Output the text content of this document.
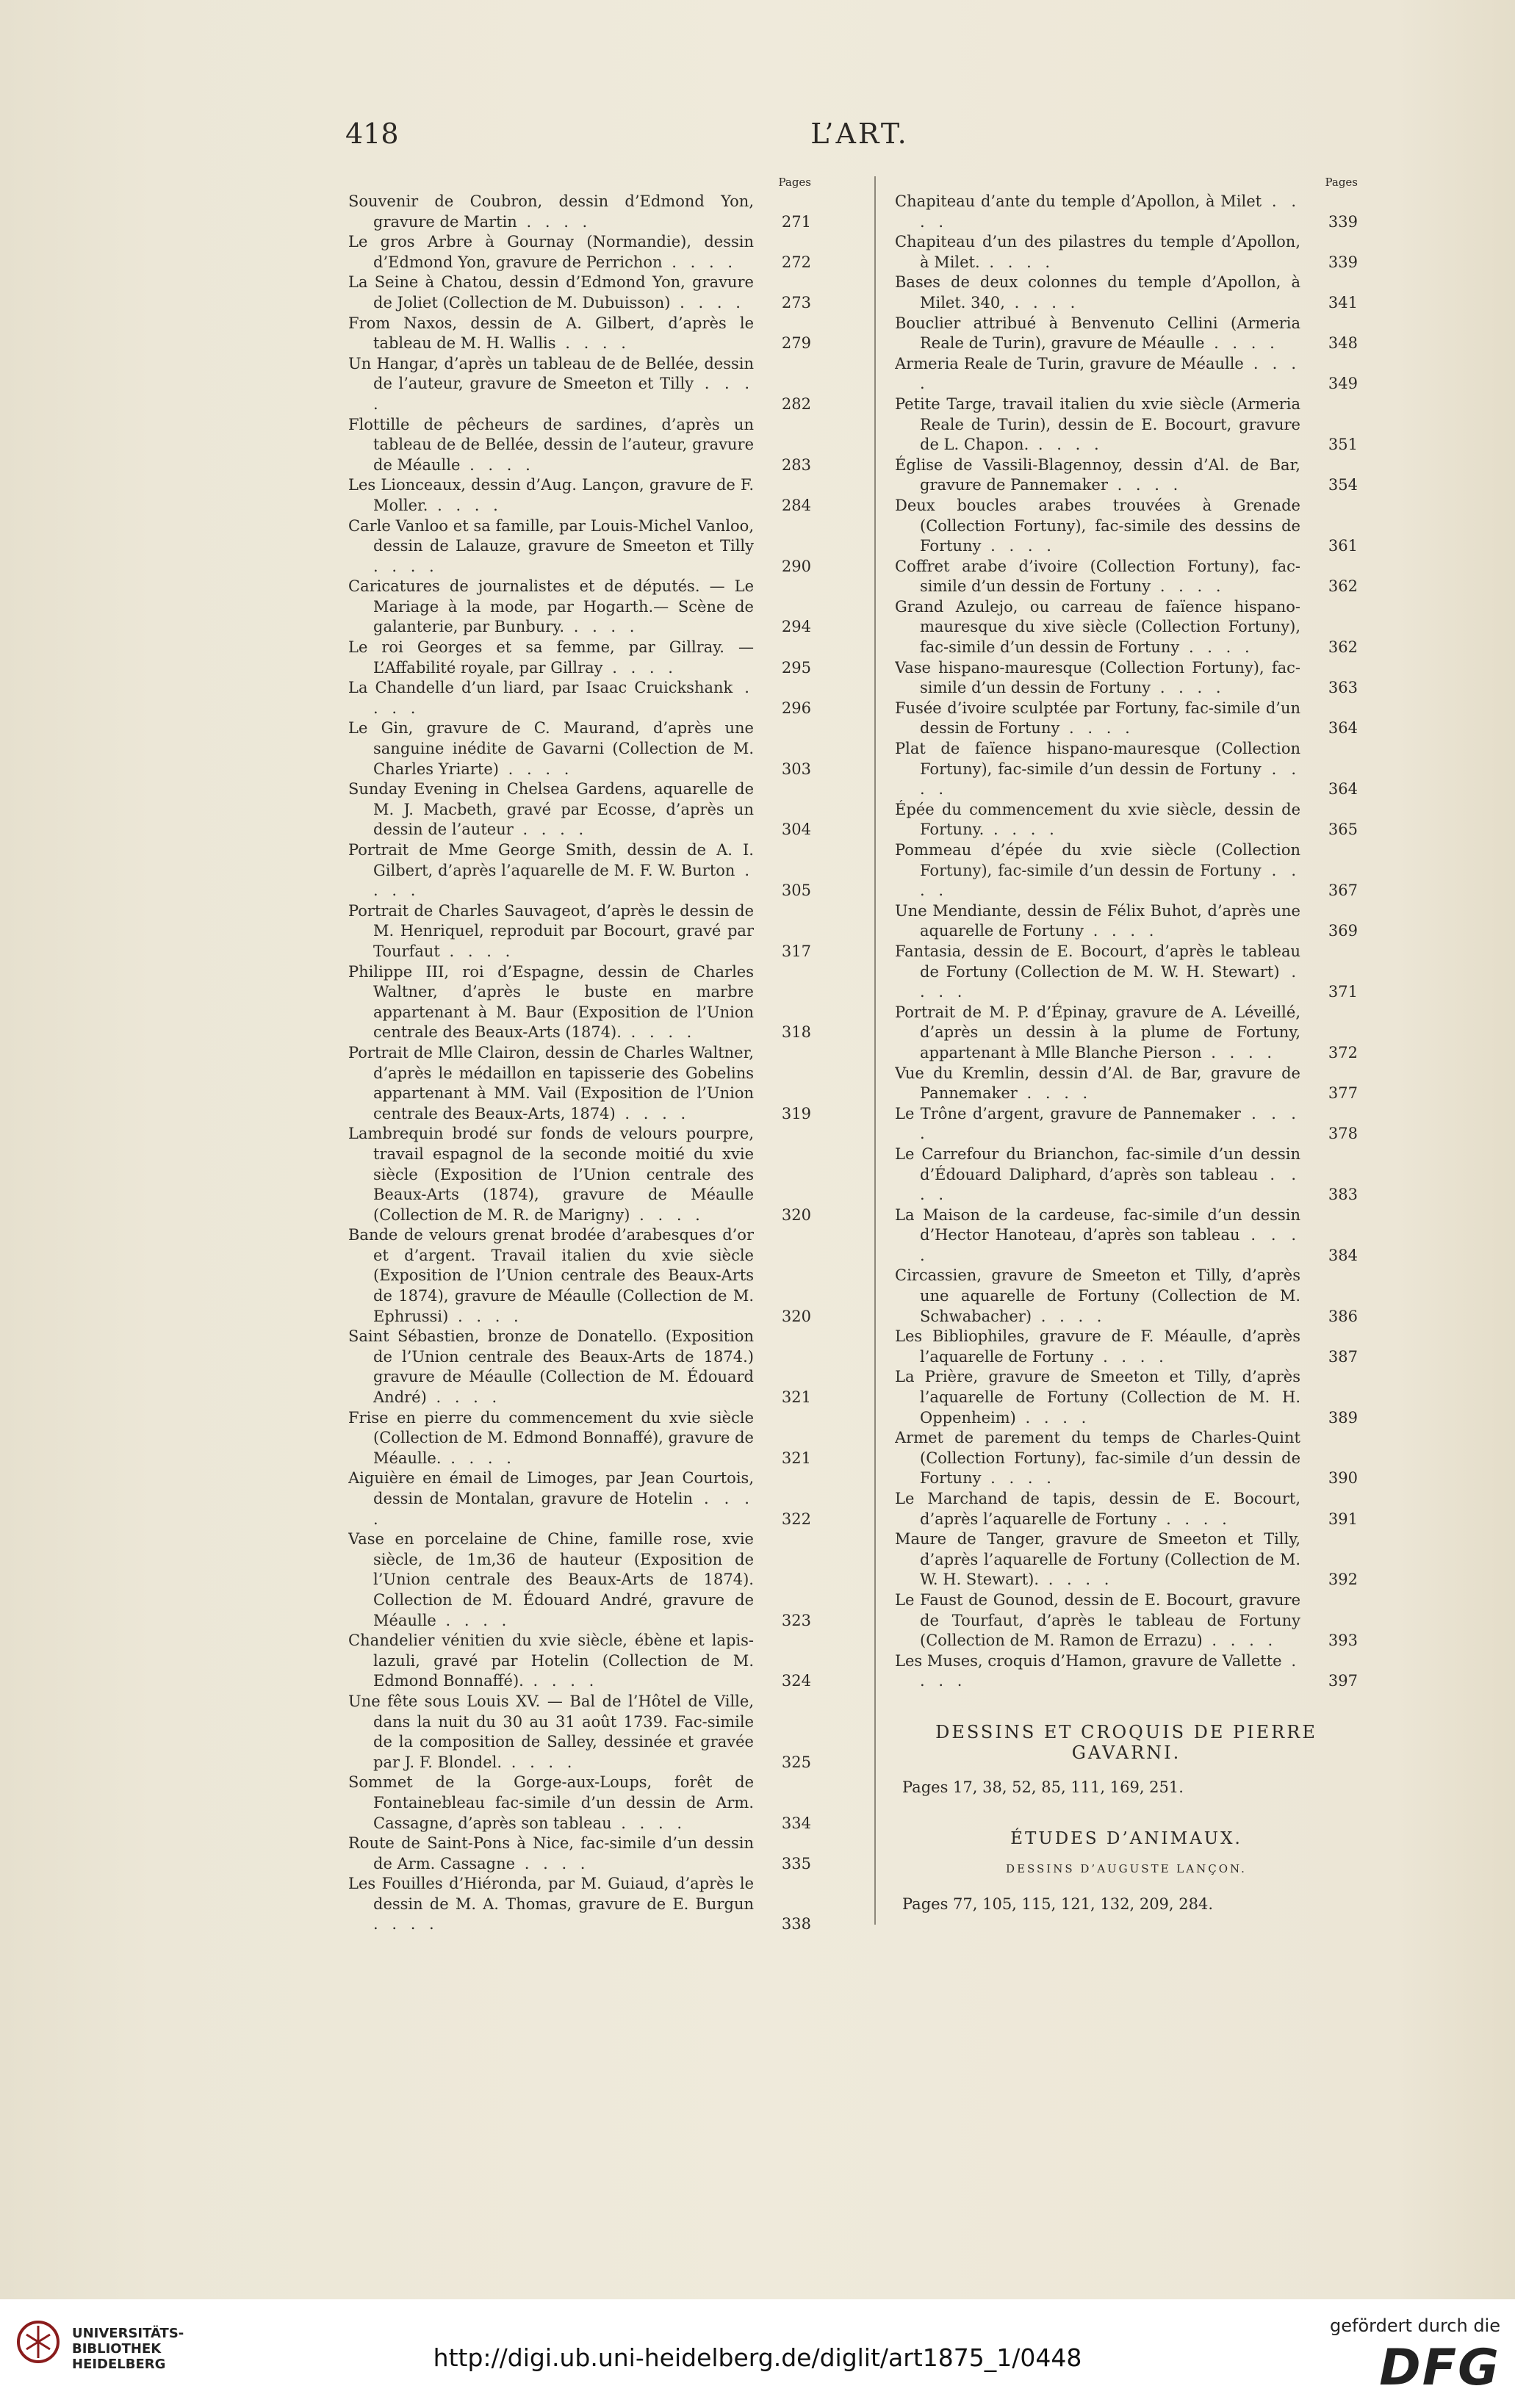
L’ART.
418
Pages
Souvenir de Coubron, dessin d’Edmond Yon, gravure de Martin . . . .	271
Le gros Arbre à Gournay (Normandie), dessin d’Edmond Yon, gravure de Perrichon . . . .	272
La Seine à Chatou, dessin d’Edmond Yon, gravure de Joliet (Collection de M. Dubuisson) . . . .	273
From Naxos, dessin de A. Gilbert, d’après le tableau de M. H. Wallis . . . .	279
Un Hangar, d’après un tableau de de Bellée, dessin de l’auteur, gravure de Smeeton et Tilly . . . .	282
Flottille de pêcheurs de sardines, d’après un tableau de de Bellée, dessin de l’auteur, gravure de Méaulle . . . .	283
Les Lionceaux, dessin d’Aug. Lançon, gravure de F. Moller. . . . .	284
Carle Vanloo et sa famille, par Louis-Michel Vanloo, dessin de Lalauze, gravure de Smeeton et Tilly . . . .	290
Caricatures de journalistes et de députés. — Le Mariage à la mode, par Hogarth.— Scène de galanterie, par Bunbury. . . . .	294
Le roi Georges et sa femme, par Gillray. — L’Affabilité royale, par Gillray . . . .	295
La Chandelle d’un liard, par Isaac Cruickshank . . . .	296
Le Gin, gravure de C. Maurand, d’après une sanguine inédite de Gavarni (Collection de M. Charles Yriarte) . . . .	303
Sunday Evening in Chelsea Gardens, aquarelle de M. J. Macbeth, gravé par Ecosse, d’après un dessin de l’auteur . . . .	304
Portrait de Mme George Smith, dessin de A. I. Gilbert, d’après l’aquarelle de M. F. W. Burton . . . .	305
Portrait de Charles Sauvageot, d’après le dessin de M. Henriquel, reproduit par Bocourt, gravé par Tourfaut . . . .	317
Philippe III, roi d’Espagne, dessin de Charles Waltner, d’après le buste en marbre appartenant à M. Baur (Exposition de l’Union centrale des Beaux-Arts (1874). . . . .	318
Portrait de Mlle Clairon, dessin de Charles Waltner, d’après le médaillon en tapisserie des Gobelins appartenant à MM. Vail (Exposition de l’Union centrale des Beaux-Arts, 1874) . . . .	319
Lambrequin brodé sur fonds de velours pourpre, travail espagnol de la seconde moitié du xvie siècle (Exposition de l’Union centrale des Beaux-Arts (1874), gravure de Méaulle (Collection de M. R. de Marigny) . . . .	320
Bande de velours grenat brodée d’arabesques d’or et d’argent. Travail italien du xvie siècle (Exposition de l’Union centrale des Beaux-Arts de 1874), gravure de Méaulle (Collection de M. Ephrussi) . . . .	320
Saint Sébastien, bronze de Donatello. (Exposition de l’Union centrale des Beaux-Arts de 1874.) gravure de Méaulle (Collection de M. Édouard André) . . . .	321
Frise en pierre du commencement du xvie siècle (Collection de M. Edmond Bonnaffé), gravure de Méaulle. . . . .	321
Aiguière en émail de Limoges, par Jean Courtois, dessin de Montalan, gravure de Hotelin . . . .	322
Vase en porcelaine de Chine, famille rose, xvie siècle, de 1m,36 de hauteur (Exposition de l’Union centrale des Beaux-Arts de 1874). Collection de M. Édouard André, gravure de Méaulle . . . .	323
Chandelier vénitien du xvie siècle, ébène et lapis-lazuli, gravé par Hotelin (Collection de M. Edmond Bonnaffé). . . . .	324
Une fête sous Louis XV. — Bal de l’Hôtel de Ville, dans la nuit du 30 au 31 août 1739. Fac-simile de la composition de Salley, dessinée et gravée par J. F. Blondel. . . . .	325
Sommet de la Gorge-aux-Loups, forêt de Fontainebleau fac-simile d’un dessin de Arm. Cassagne, d’après son tableau . . . .	334
Route de Saint-Pons à Nice, fac-simile d’un dessin de Arm. Cassagne . . . .	335
Les Fouilles d’Hiéronda, par M. Guiaud, d’après le dessin de M. A. Thomas, gravure de E. Burgun . . . .	338
Pages
Chapiteau d’ante du temple d’Apollon, à Milet . . . .	339
Chapiteau d’un des pilastres du temple d’Apollon, à Milet. . . . .	339
Bases de deux colonnes du temple d’Apollon, à Milet. 340, . . . .	341
Bouclier attribué à Benvenuto Cellini (Armeria Reale de Turin), gravure de Méaulle . . . .	348
Armeria Reale de Turin, gravure de Méaulle . . . .	349
Petite Targe, travail italien du xvie siècle (Armeria Reale de Turin), dessin de E. Bocourt, gravure de L. Chapon. . . . .	351
Église de Vassili-Blagennoy, dessin d’Al. de Bar, gravure de Pannemaker . . . .	354
Deux boucles arabes trouvées à Grenade (Collection Fortuny), fac-simile des dessins de Fortuny . . . .	361
Coffret arabe d’ivoire (Collection Fortuny), fac-simile d’un dessin de Fortuny . . . .	362
Grand Azulejo, ou carreau de faïence hispano-mauresque du xive siècle (Collection Fortuny), fac-simile d’un dessin de Fortuny . . . .	362
Vase hispano-mauresque (Collection Fortuny), fac-simile d’un dessin de Fortuny . . . .	363
Fusée d’ivoire sculptée par Fortuny, fac-simile d’un dessin de Fortuny . . . .	364
Plat de faïence hispano-mauresque (Collection Fortuny), fac-simile d’un dessin de Fortuny . . . .	364
Épée du commencement du xvie siècle, dessin de Fortuny. . . . .	365
Pommeau d’épée du xvie siècle (Collection Fortuny), fac-simile d’un dessin de Fortuny . . . .	367
Une Mendiante, dessin de Félix Buhot, d’après une aquarelle de Fortuny . . . .	369
Fantasia, dessin de E. Bocourt, d’après le tableau de Fortuny (Collection de M. W. H. Stewart) . . . .	371
Portrait de M. P. d’Épinay, gravure de A. Léveillé, d’après un dessin à la plume de Fortuny, appartenant à Mlle Blanche Pierson . . . .	372
Vue du Kremlin, dessin d’Al. de Bar, gravure de Pannemaker . . . .	377
Le Trône d’argent, gravure de Pannemaker . . . .	378
Le Carrefour du Brianchon, fac-simile d’un dessin d’Édouard Daliphard, d’après son tableau . . . .	383
La Maison de la cardeuse, fac-simile d’un dessin d’Hector Hanoteau, d’après son tableau . . . .	384
Circassien, gravure de Smeeton et Tilly, d’après une aquarelle de Fortuny (Collection de M. Schwabacher) . . . .	386
Les Bibliophiles, gravure de F. Méaulle, d’après l’aquarelle de Fortuny . . . .	387
La Prière, gravure de Smeeton et Tilly, d’après l’aquarelle de Fortuny (Collection de M. H. Oppenheim) . . . .	389
Armet de parement du temps de Charles-Quint (Collection Fortuny), fac-simile d’un dessin de Fortuny . . . .	390
Le Marchand de tapis, dessin de E. Bocourt, d’après l’aquarelle de Fortuny . . . .	391
Maure de Tanger, gravure de Smeeton et Tilly, d’après l’aquarelle de Fortuny (Collection de M. W. H. Stewart). . . . .	392
Le Faust de Gounod, dessin de E. Bocourt, gravure de Tourfaut, d’après le tableau de Fortuny (Collection de M. Ramon de Errazu) . . . .	393
Les Muses, croquis d’Hamon, gravure de Vallette . . . .	397
DESSINS ET CROQUIS DE PIERRE GAVARNI.
Pages 17, 38, 52, 85, 111, 169, 251.
ÉTUDES D’ANIMAUX.
DESSINS D’AUGUSTE LANÇON.
Pages 77, 105, 115, 121, 132, 209, 284.
UNIVERSITÄTS-
BIBLIOTHEK
HEIDELBERG	http://digi.ub.uni-heidelberg.de/diglit/art1875_1/0448
gefördert durch die
DFG
